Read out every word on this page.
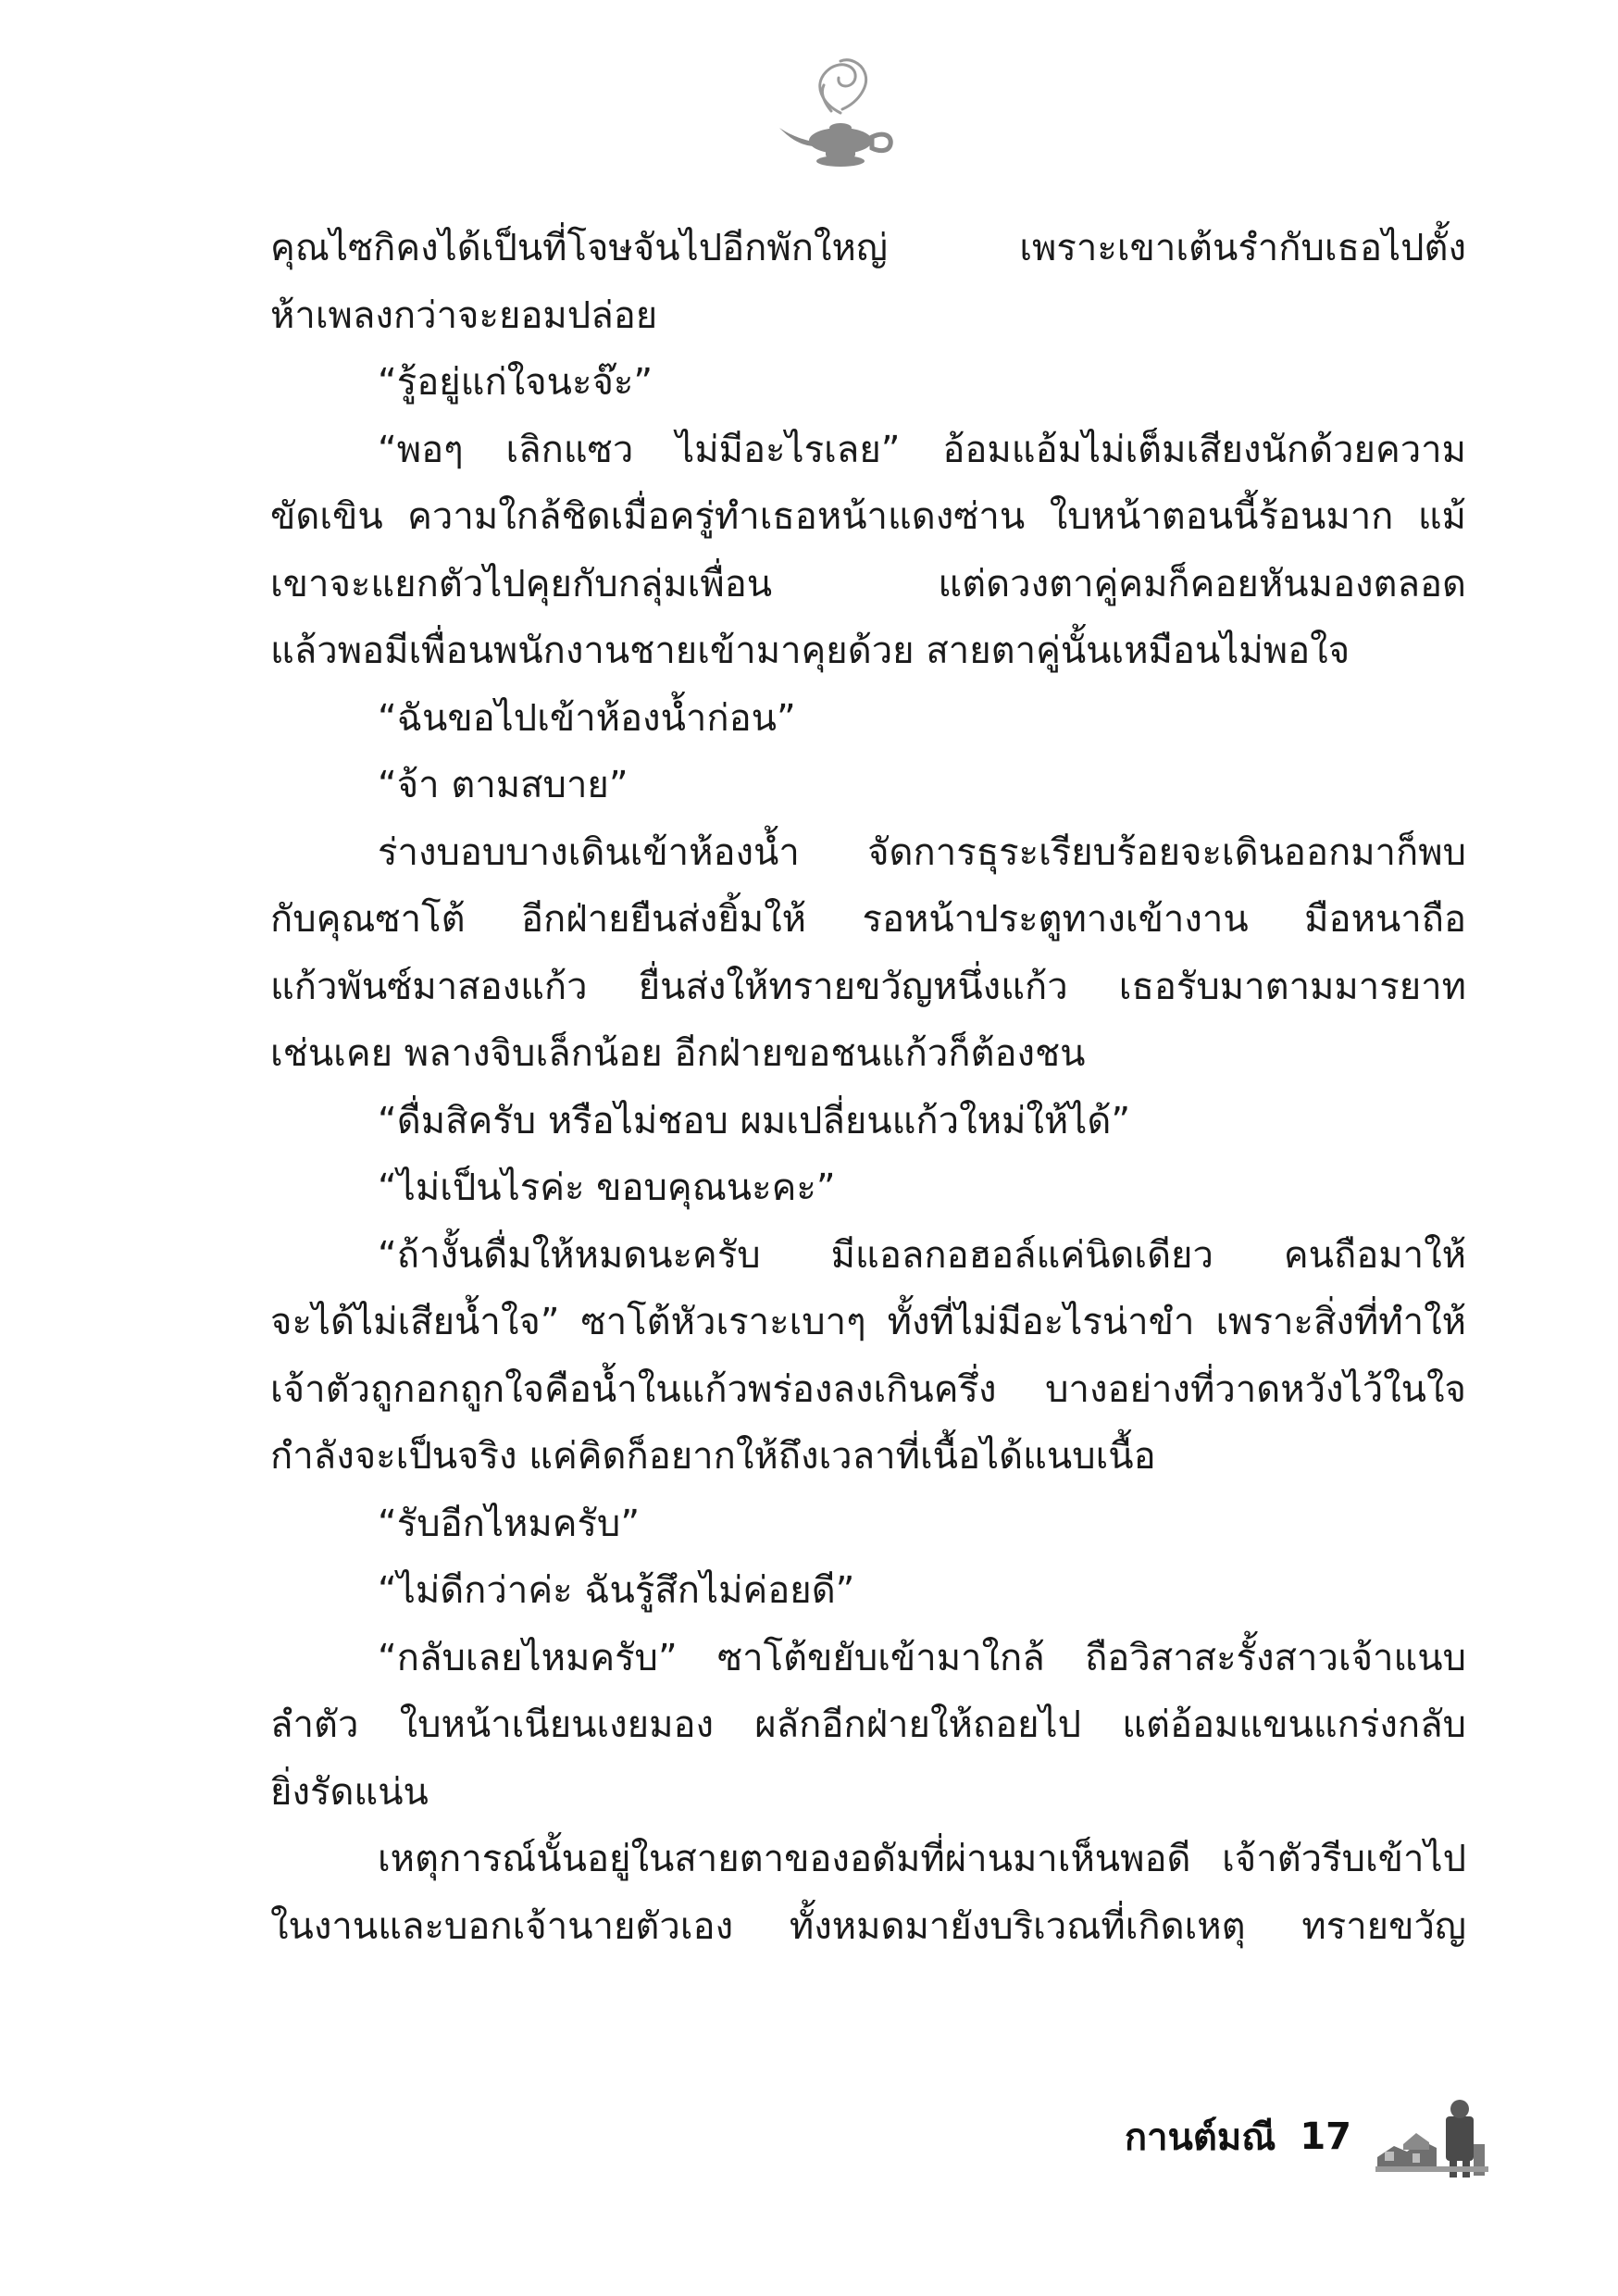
คุณไซกิคงได้เป็นที่โจษจันไปอีกพักใหญ่ เพราะเขาเต้นรำกับเธอไปตั้ง
ห้าเพลงกว่าจะยอมปล่อย
“รู้อยู่แก่ใจนะจ๊ะ”
“พอๆ เลิกแซว ไม่มีอะไรเลย” อ้อมแอ้มไม่เต็มเสียงนักด้วยความ
ขัดเขิน ความใกล้ชิดเมื่อครู่ทำเธอหน้าแดงซ่าน ใบหน้าตอนนี้ร้อนมาก แม้
เขาจะแยกตัวไปคุยกับกลุ่มเพื่อน แต่ดวงตาคู่คมก็คอยหันมองตลอด
แล้วพอมีเพื่อนพนักงานชายเข้ามาคุยด้วย สายตาคู่นั้นเหมือนไม่พอใจ
“ฉันขอไปเข้าห้องน้ำก่อน”
“จ้า ตามสบาย”
ร่างบอบบางเดินเข้าห้องน้ำ จัดการธุระเรียบร้อยจะเดินออกมาก็พบ
กับคุณซาโต้ อีกฝ่ายยืนส่งยิ้มให้ รอหน้าประตูทางเข้างาน มือหนาถือ
แก้วพันซ์มาสองแก้ว ยื่นส่งให้ทรายขวัญหนึ่งแก้ว เธอรับมาตามมารยาท
เช่นเคย พลางจิบเล็กน้อย อีกฝ่ายขอชนแก้วก็ต้องชน
“ดื่มสิครับ หรือไม่ชอบ ผมเปลี่ยนแก้วใหม่ให้ได้”
“ไม่เป็นไรค่ะ ขอบคุณนะคะ”
“ถ้างั้นดื่มให้หมดนะครับ มีแอลกอฮอล์แค่นิดเดียว คนถือมาให้
จะได้ไม่เสียน้ำใจ” ซาโต้หัวเราะเบาๆ ทั้งที่ไม่มีอะไรน่าขำ เพราะสิ่งที่ทำให้
เจ้าตัวถูกอกถูกใจคือน้ำในแก้วพร่องลงเกินครึ่ง บางอย่างที่วาดหวังไว้ในใจ
กำลังจะเป็นจริง แค่คิดก็อยากให้ถึงเวลาที่เนื้อได้แนบเนื้อ
“รับอีกไหมครับ”
“ไม่ดีกว่าค่ะ ฉันรู้สึกไม่ค่อยดี”
“กลับเลยไหมครับ” ซาโต้ขยับเข้ามาใกล้ ถือวิสาสะรั้งสาวเจ้าแนบ
ลำตัว ใบหน้าเนียนเงยมอง ผลักอีกฝ่ายให้ถอยไป แต่อ้อมแขนแกร่งกลับ
ยิ่งรัดแน่น
เหตุการณ์นั้นอยู่ในสายตาของอดัมที่ผ่านมาเห็นพอดี เจ้าตัวรีบเข้าไป
ในงานและบอกเจ้านายตัวเอง ทั้งหมดมายังบริเวณที่เกิดเหตุ ทรายขวัญ
กานต์มณี 17
